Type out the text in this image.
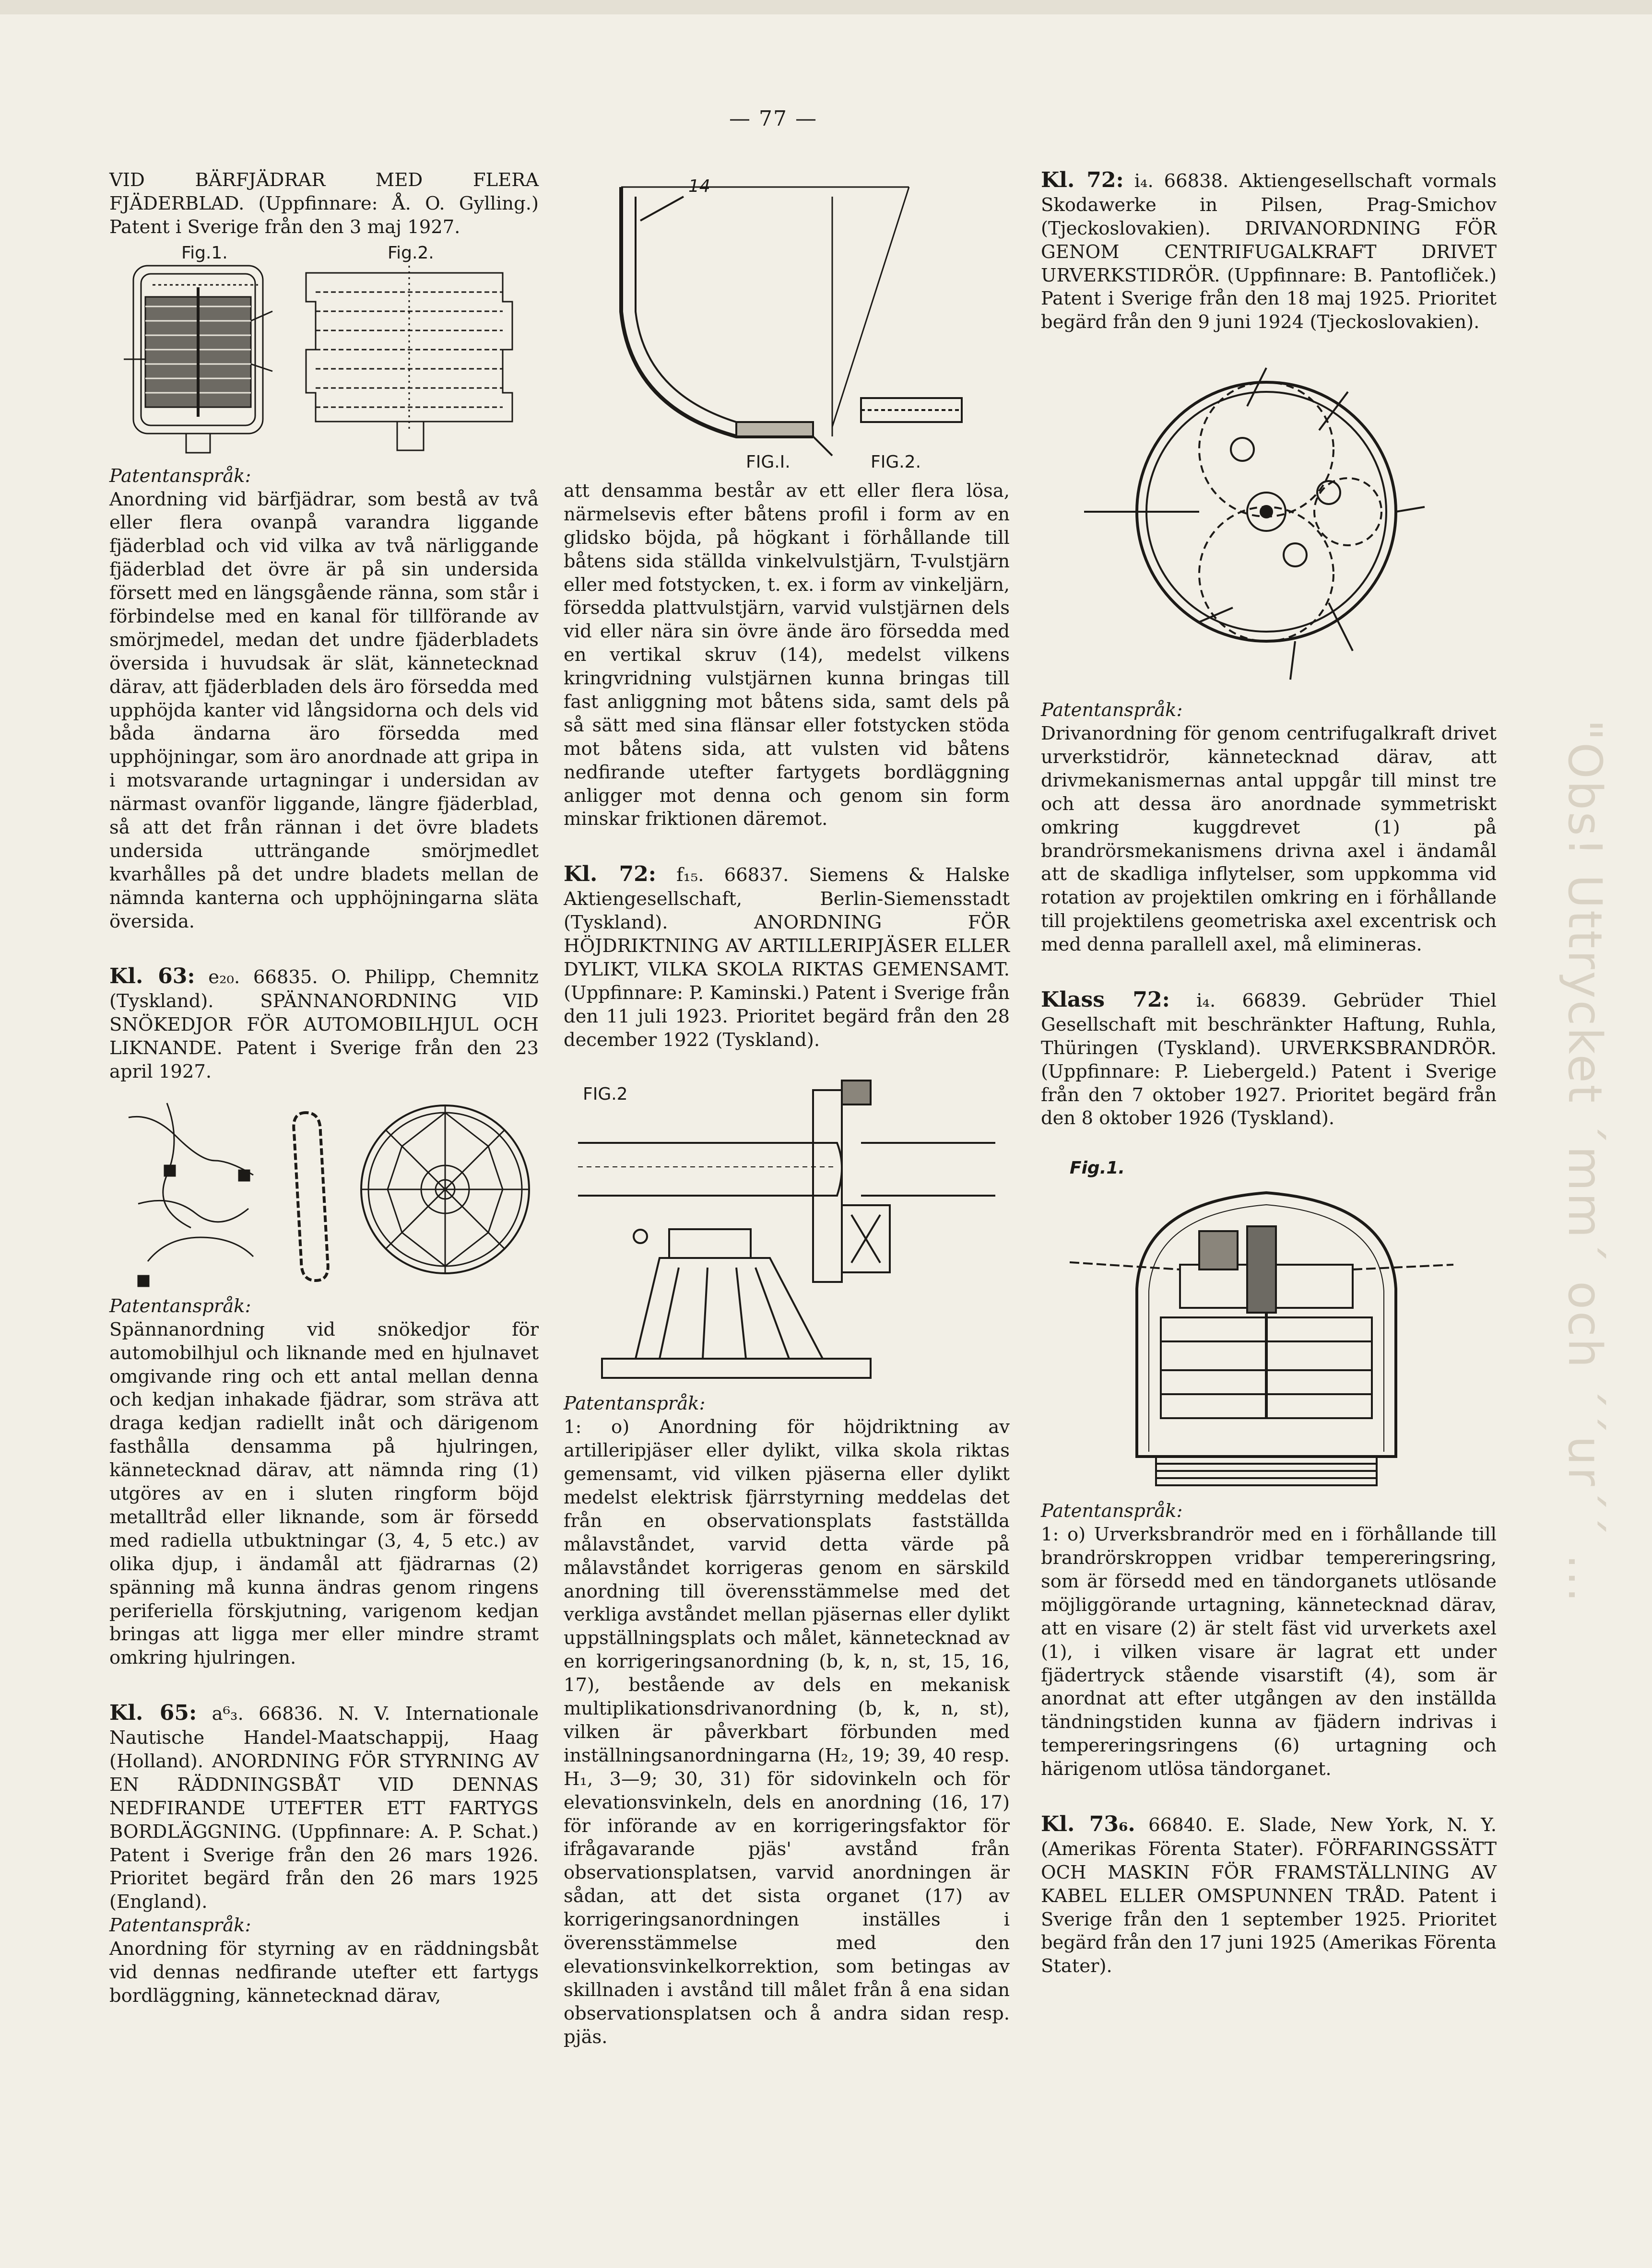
"Obs! Uttrycket ´mm´ och ´´ur´´ ...
— 77 —

VID BÄRFJÄDRAR MED FLERA FJÄDERBLAD. (Uppfinnare: Å. O. Gylling.) Patent i Sverige från den 3 maj 1927.

Fig.1.	Fig.2.

Patentanspråk:

Anordning vid bärfjädrar, som bestå av två eller flera ovanpå varandra liggande fjäderblad och vid vilka av två närliggande fjäderblad det övre är på sin undersida försett med en längsgående ränna, som står i förbindelse med en kanal för tillförande av smörjmedel, medan det undre fjäderbladets översida i huvudsak är slät, kännetecknad därav, att fjäderbladen dels äro försedda med upphöjda kanter vid långsidorna och dels vid båda ändarna äro försedda med upphöjningar, som äro anordnade att gripa in i motsvarande urtagningar i undersidan av närmast ovanför liggande, längre fjäderblad, så att det från rännan i det övre bladets undersida utträngande smörjmedlet kvarhålles på det undre bladets mellan de nämnda kanterna och upphöjningarna släta översida.

Kl. 63: e₂₀. 66835. O. Philipp, Chemnitz (Tyskland). SPÄNNANORDNING VID SNÖKEDJOR FÖR AUTOMOBILHJUL OCH LIKNANDE. Patent i Sverige från den 23 april 1927.

Patentanspråk:

Spännanordning vid snökedjor för automobilhjul och liknande med en hjulnavet omgivande ring och ett antal mellan denna och kedjan inhakade fjädrar, som sträva att draga kedjan radiellt inåt och därigenom fasthålla densamma på hjulringen, kännetecknad därav, att nämnda ring (1) utgöres av en i sluten ringform böjd metalltråd eller liknande, som är försedd med radiella utbuktningar (3, 4, 5 etc.) av olika djup, i ändamål att fjädrarnas (2) spänning må kunna ändras genom ringens periferiella förskjutning, varigenom kedjan bringas att ligga mer eller mindre stramt omkring hjulringen.

Kl. 65: a⁶₃. 66836. N. V. Internationale Nautische Handel-Maatschappij, Haag (Holland). ANORDNING FÖR STYRNING AV EN RÄDDNINGSBÅT VID DENNAS NEDFIRANDE UTEFTER ETT FARTYGS BORDLÄGGNING. (Uppfinnare: A. P. Schat.) Patent i Sverige från den 26 mars 1926. Prioritet begärd från den 26 mars 1925 (England).

Patentanspråk:

Anordning för styrning av en räddningsbåt vid dennas nedfirande utefter ett fartygs bordläggning, kännetecknad därav,

14
FIG.I.	FIG.2.

att densamma består av ett eller flera lösa, närmelsevis efter båtens profil i form av en glidsko böjda, på högkant i förhållande till båtens sida ställda vinkelvulstjärn, T-vulstjärn eller med fotstycken, t. ex. i form av vinkeljärn, försedda plattvulstjärn, varvid vulstjärnen dels vid eller nära sin övre ände äro försedda med en vertikal skruv (14), medelst vilkens kringvridning vulstjärnen kunna bringas till fast anliggning mot båtens sida, samt dels på så sätt med sina flänsar eller fotstycken stöda mot båtens sida, att vulsten vid båtens nedfirande utefter fartygets bordläggning anligger mot denna och genom sin form minskar friktionen däremot.

Kl. 72: f₁₅. 66837. Siemens & Halske Aktiengesellschaft, Berlin-Siemensstadt (Tyskland). ANORDNING FÖR HÖJDRIKTNING AV ARTILLERIPJÄSER ELLER DYLIKT, VILKA SKOLA RIKTAS GEMENSAMT. (Uppfinnare: P. Kaminski.) Patent i Sverige från den 11 juli 1923. Prioritet begärd från den 28 december 1922 (Tyskland).

FIG.2

Patentanspråk:

1: o) Anordning för höjdriktning av artilleripjäser eller dylikt, vilka skola riktas gemensamt, vid vilken pjäserna eller dylikt medelst elektrisk fjärrstyrning meddelas det från en observationsplats fastställda målavståndet, varvid detta värde på målavståndet korrigeras genom en särskild anordning till överensstämmelse med det verkliga avståndet mellan pjäsernas eller dylikt uppställningsplats och målet, kännetecknad av en korrigeringsanordning (b, k, n, st, 15, 16, 17), bestående av dels en mekanisk multiplikationsdrivanordning (b, k, n, st), vilken är påverkbart förbunden med inställningsanordningarna (H₂, 19; 39, 40 resp. H₁, 3—9; 30, 31) för sidovinkeln och för elevationsvinkeln, dels en anordning (16, 17) för införande av en korrigeringsfaktor för ifrågavarande pjäs' avstånd från observationsplatsen, varvid anordningen är sådan, att det sista organet (17) av korrigeringsanordningen inställes i överensstämmelse med den elevationsvinkelkorrektion, som betingas av skillnaden i avstånd till målet från å ena sidan observationsplatsen och å andra sidan resp. pjäs.

Kl. 72: i₄. 66838. Aktiengesellschaft vormals Skodawerke in Pilsen, Prag-Smichov (Tjeckoslovakien). DRIVANORDNING FÖR GENOM CENTRIFUGALKRAFT DRIVET URVERKSTIDRÖR. (Uppfinnare: B. Pantofliček.) Patent i Sverige från den 18 maj 1925. Prioritet begärd från den 9 juni 1924 (Tjeckoslovakien).

Patentanspråk:

Drivanordning för genom centrifugalkraft drivet urverkstidrör, kännetecknad därav, att drivmekanismernas antal uppgår till minst tre och att dessa äro anordnade symmetriskt omkring kuggdrevet (1) på brandrörsmekanismens drivna axel i ändamål att de skadliga inflytelser, som uppkomma vid rotation av projektilen omkring en i förhållande till projektilens geometriska axel excentrisk och med denna parallell axel, må elimineras.

Klass 72: i₄. 66839. Gebrüder Thiel Gesellschaft mit beschränkter Haftung, Ruhla, Thüringen (Tyskland). URVERKSBRANDRÖR. (Uppfinnare: P. Liebergeld.) Patent i Sverige från den 7 oktober 1927. Prioritet begärd från den 8 oktober 1926 (Tyskland).

Fig.1.

Patentanspråk:

1: o) Urverksbrandrör med en i förhållande till brandrörskroppen vridbar tempereringsring, som är försedd med en tändorganets utlösande möjliggörande urtagning, kännetecknad därav, att en visare (2) är stelt fäst vid urverkets axel (1), i vilken visare är lagrat ett under fjädertryck stående visarstift (4), som är anordnat att efter utgången av den inställda tändningstiden kunna av fjädern indrivas i tempereringsringens (6) urtagning och härigenom utlösa tändorganet.

Kl. 73₆. 66840. E. Slade, New York, N. Y. (Amerikas Förenta Stater). FÖRFARINGSSÄTT OCH MASKIN FÖR FRAMSTÄLLNING AV KABEL ELLER OMSPUNNEN TRÅD. Patent i Sverige från den 1 september 1925. Prioritet begärd från den 17 juni 1925 (Amerikas Förenta Stater).
